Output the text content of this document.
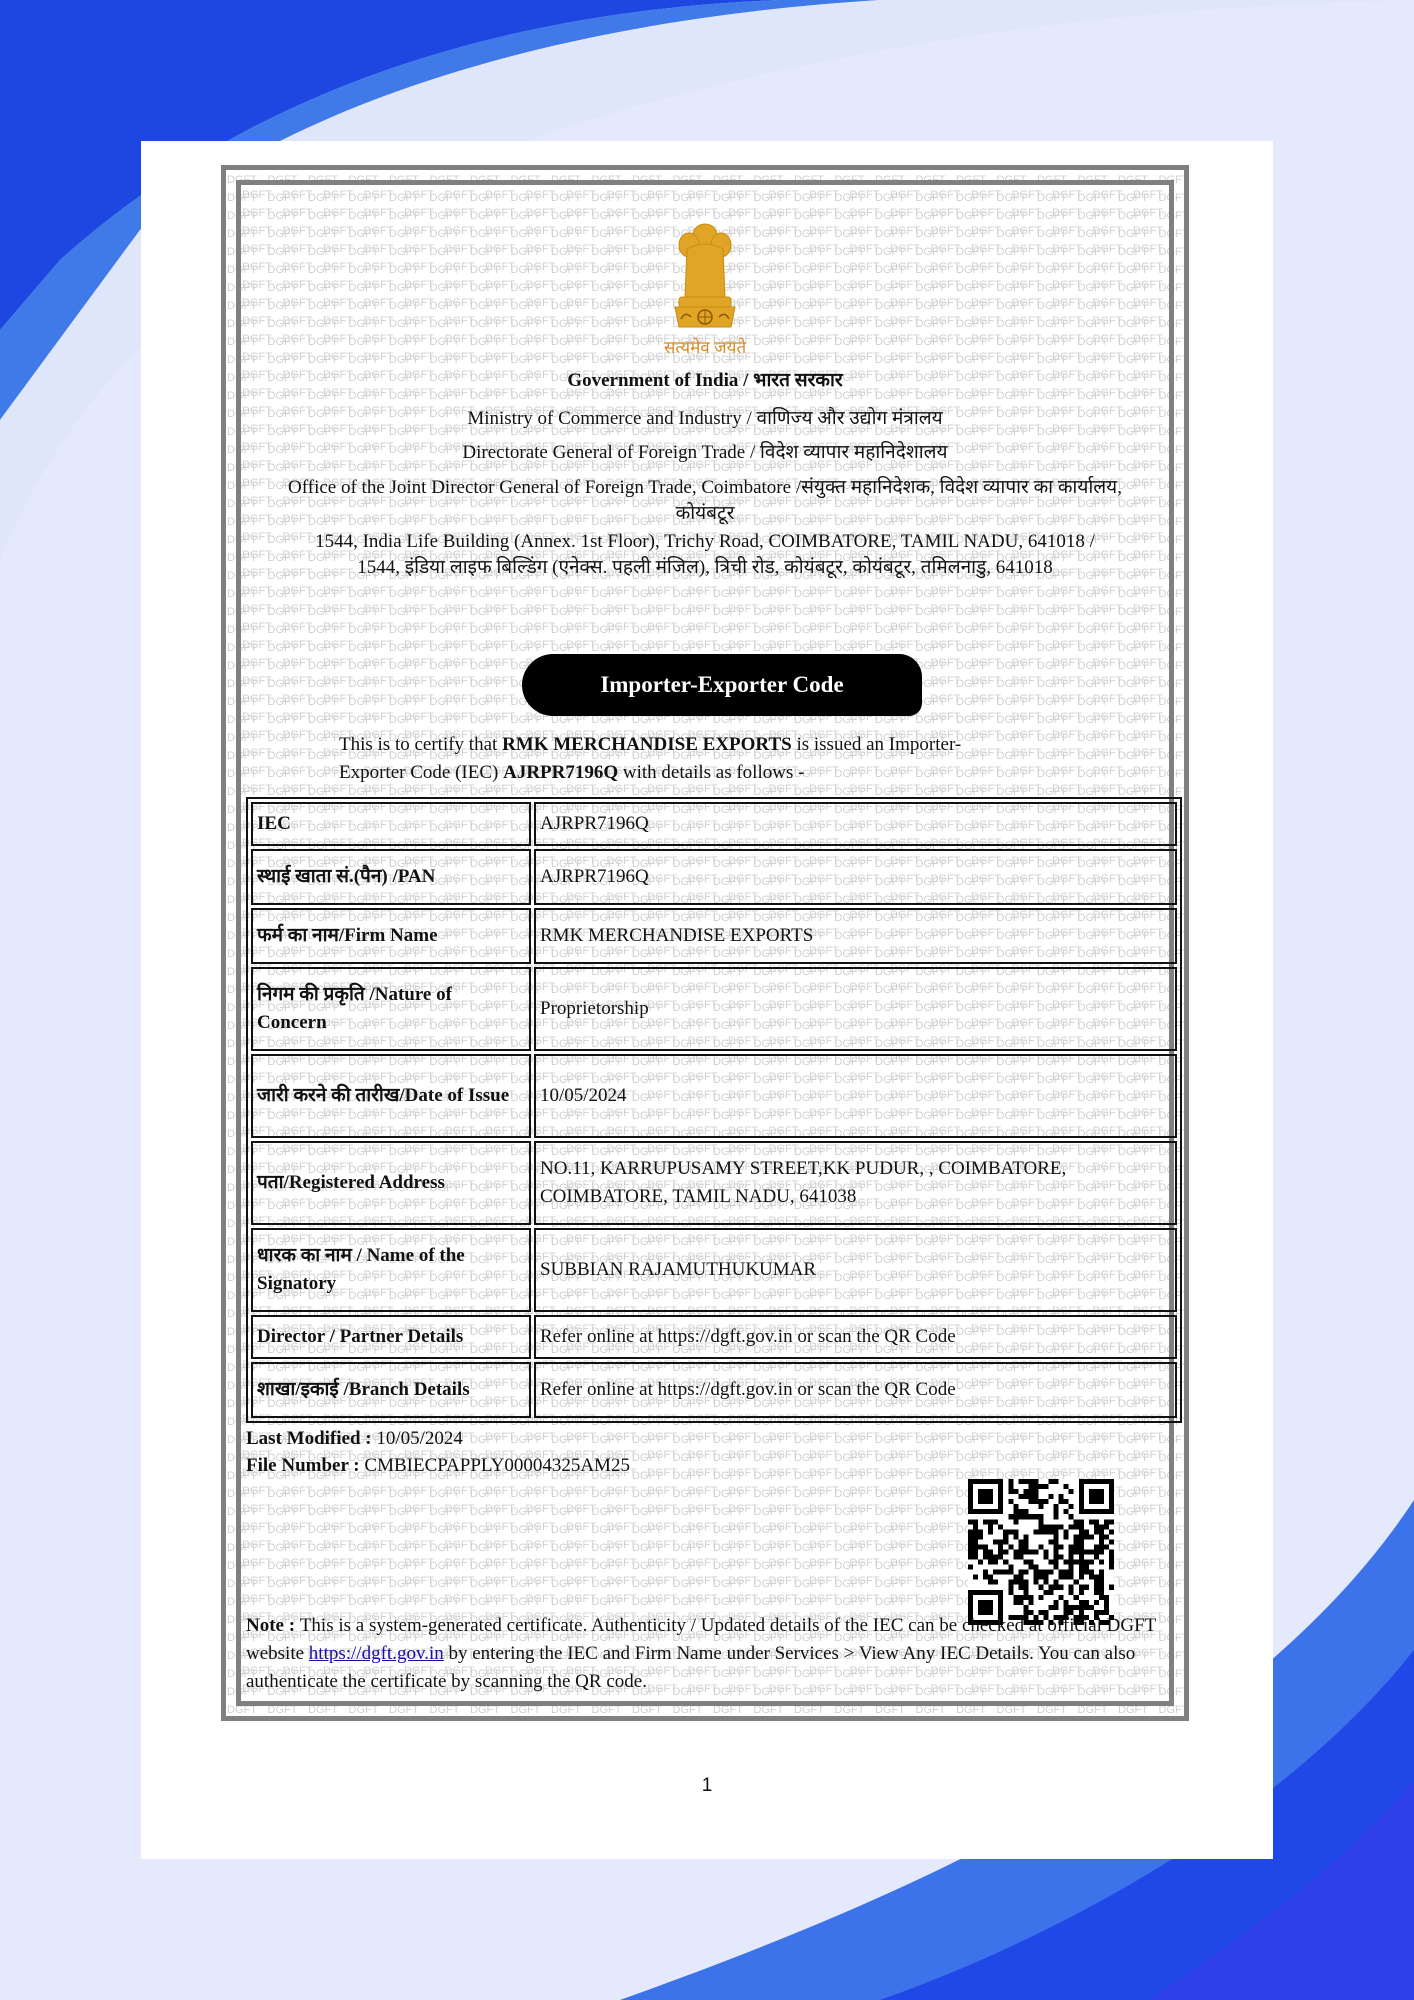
सत्यमेव जयते
Government of India / भारत सरकार
Ministry of Commerce and Industry / वाणिज्य और उद्योग मंत्रालय
Directorate General of Foreign Trade / विदेश व्यापार महानिदेशालय
Office of the Joint Director General of Foreign Trade, Coimbatore /संयुक्त महानिदेशक, विदेश व्यापार का कार्यालय,
कोयंबटूर
1544, India Life Building (Annex. 1st Floor), Trichy Road, COIMBATORE, TAMIL NADU, 641018 /
1544, इंडिया लाइफ बिल्डिंग (एनेक्स. पहली मंजिल), त्रिची रोड, कोयंबटूर, कोयंबटूर, तमिलनाडु, 641018
Importer-Exporter Code
This is to certify that RMK MERCHANDISE EXPORTS is issued an Importer-
Exporter Code (IEC) AJRPR7196Q with details as follows -
IEC	AJRPR7196Q
स्थाई खाता सं.(पैन) /PAN	AJRPR7196Q
फर्म का नाम/Firm Name	RMK MERCHANDISE EXPORTS
निगम की प्रकृति /Nature of Concern	Proprietorship
जारी करने की तारीख/Date of Issue	10/05/2024
पता/Registered Address	NO.11, KARRUPUSAMY STREET,KK PUDUR, , COIMBATORE, COIMBATORE, TAMIL NADU, 641038
धारक का नाम / Name of the Signatory	SUBBIAN RAJAMUTHUKUMAR
Director / Partner Details	Refer online at https://dgft.gov.in or scan the QR Code
शाखा/इकाई /Branch Details	Refer online at https://dgft.gov.in or scan the QR Code
Last Modified : 10/05/2024
File Number : CMBIECPAPPLY00004325AM25
Note : This is a system-generated certificate. Authenticity / Updated details of the IEC can be checked at official DGFT website https://dgft.gov.in by entering the IEC and Firm Name under Services > View Any IEC Details. You can also authenticate the certificate by scanning the QR code.
1
